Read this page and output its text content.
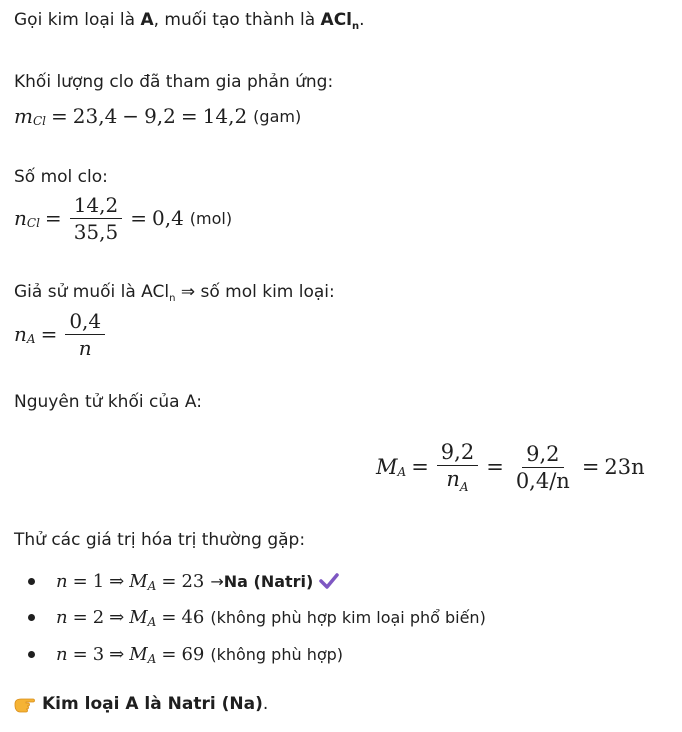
Gọi kim loại là A, muối tạo thành là ACl$_n$.
Khối lượng clo đã tham gia phản ứng:
m Cl = 23,4 − 9,2 = 14,2 (gam)
Số mol clo:
n $Cl = \frac{14,2}{35,5} = 0,4$ (mol)
Giả sử muối là ACl$_n$ ⇒ số mol kim loại:
n $A = \frac{0,4}{n}$
Nguyên tử khối của A:
M $A = \frac{9,2}{n_A} = \frac{9,2}{0,4/n} = 23n$
Thử các giá trị hóa trị thường gặp:
n = 1 ⇒ M A = 23 → Na (Natri)
n = 2 ⇒ M A = 46 (không phù hợp kim loại phổ biến)
n = 3 ⇒ M A = 69 (không phù hợp)
Kim loại A là Natri (Na) .
